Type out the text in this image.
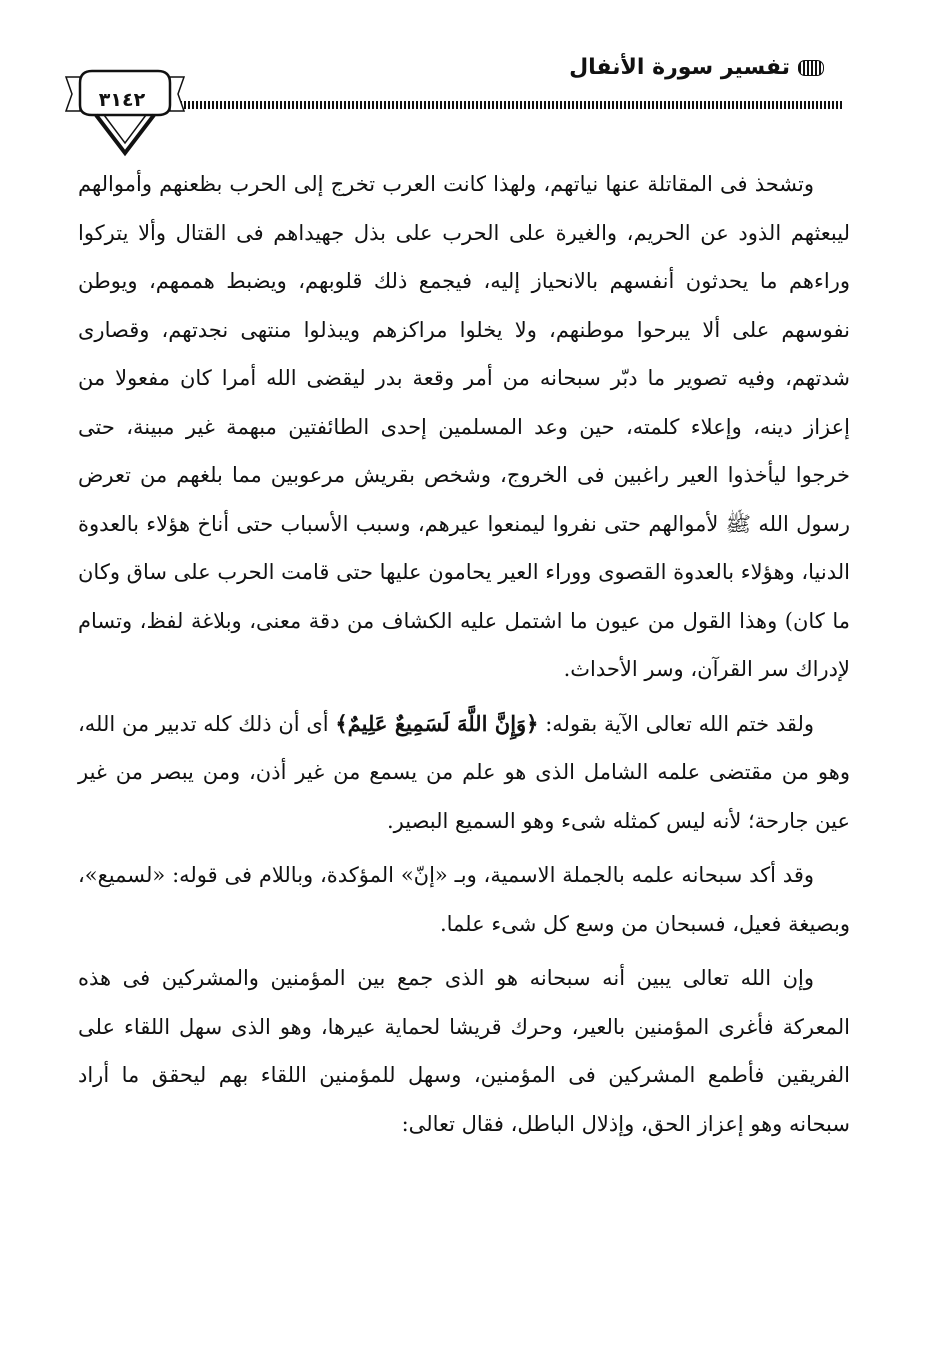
تفسير سورة الأنفال
٣١٤٢

وتشحذ فى المقاتلة عنها نياتهم، ولهذا كانت العرب تخرج إلى الحرب بظعنهم وأموالهم ليبعثهم الذود عن الحريم، والغيرة على الحرب على بذل جهيداهم فى القتال وألا يتركوا وراءهم ما يحدثون أنفسهم بالانحياز إليه، فيجمع ذلك قلوبهم، ويضبط هممهم، ويوطن نفوسهم على ألا يبرحوا موطنهم، ولا يخلوا مراكزهم ويبذلوا منتهى نجدتهم، وقصارى شدتهم، وفيه تصوير ما دبّر سبحانه من أمر وقعة بدر ليقضى الله أمرا كان مفعولا من إعزاز دينه، وإعلاء كلمته، حين وعد المسلمين إحدى الطائفتين مبهمة غير مبينة، حتى خرجوا ليأخذوا العير راغبين فى الخروج، وشخص بقريش مرعوبين مما بلغهم من تعرض رسول الله ﷺ لأموالهم حتى نفروا ليمنعوا عيرهم، وسبب الأسباب حتى أناخ هؤلاء بالعدوة الدنيا، وهؤلاء بالعدوة القصوى ووراء العير يحامون عليها حتى قامت الحرب على ساق وكان ما كان) وهذا القول من عيون ما اشتمل عليه الكشاف من دقة معنى، وبلاغة لفظ، وتسام لإدراك سر القرآن، وسر الأحداث.

ولقد ختم الله تعالى الآية بقوله: ﴿وَإِنَّ اللَّهَ لَسَمِيعٌ عَلِيمٌ﴾ أى أن ذلك كله تدبير من الله، وهو من مقتضى علمه الشامل الذى هو علم من يسمع من غير أذن، ومن يبصر من غير عين جارحة؛ لأنه ليس كمثله شىء وهو السميع البصير.

وقد أكد سبحانه علمه بالجملة الاسمية، وبـ «إنّ» المؤكدة، وباللام فى قوله: «لسميع»، وبصيغة فعيل، فسبحان من وسع كل شىء علما.

وإن الله تعالى يبين أنه سبحانه هو الذى جمع بين المؤمنين والمشركين فى هذه المعركة فأغرى المؤمنين بالعير، وحرك قريشا لحماية عيرها، وهو الذى سهل اللقاء على الفريقين فأطمع المشركين فى المؤمنين، وسهل للمؤمنين اللقاء بهم ليحقق ما أراد سبحانه وهو إعزاز الحق، وإذلال الباطل، فقال تعالى:
